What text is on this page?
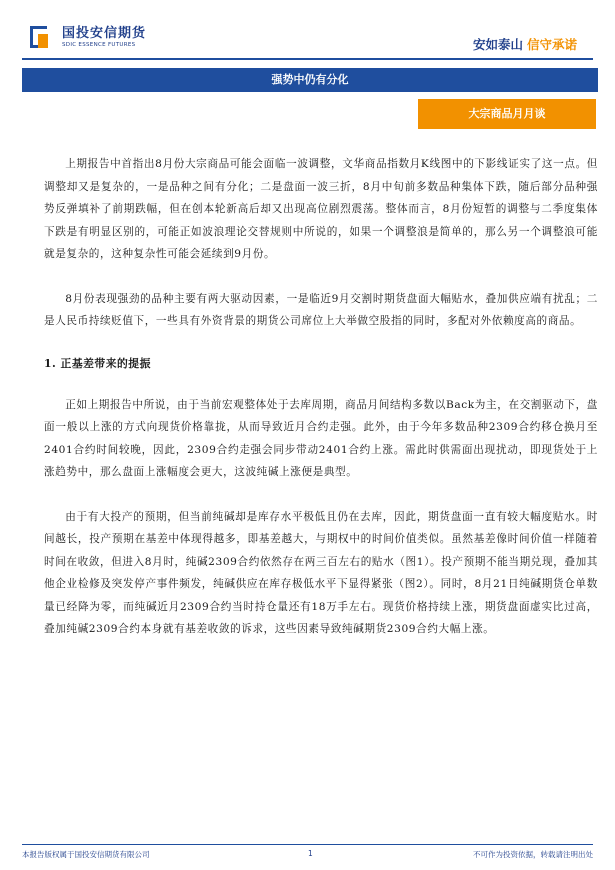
国投安信期货
SDIC ESSENCE FUTURES	安如泰山 信守承诺
强势中仍有分化
大宗商品月月谈

上期报告中首指出8月份大宗商品可能会面临一波调整，文华商品指数月K线图中的下影线证实了这一点。但调整却又是复杂的，一是品种之间有分化；二是盘面一波三折，8月中旬前多数品种集体下跌，随后部分品种强势反弹填补了前期跌幅，但在创本轮新高后却又出现高位剧烈震荡。整体而言，8月份短暂的调整与二季度集体下跌是有明显区别的，可能正如波浪理论交替规则中所说的，如果一个调整浪是简单的，那么另一个调整浪可能就是复杂的，这种复杂性可能会延续到9月份。

8月份表现强劲的品种主要有两大驱动因素，一是临近9月交割时期货盘面大幅贴水，叠加供应端有扰乱；二是人民币持续贬值下，一些具有外资背景的期货公司席位上大举做空股指的同时，多配对外依赖度高的商品。

1. 正基差带来的提振

正如上期报告中所说，由于当前宏观整体处于去库周期，商品月间结构多数以Back为主，在交割驱动下，盘面一般以上涨的方式向现货价格靠拢，从而导致近月合约走强。此外，由于今年多数品种2309合约移仓换月至2401合约时间较晚，因此，2309合约走强会同步带动2401合约上涨。需此时供需面出现扰动，即现货处于上涨趋势中，那么盘面上涨幅度会更大，这波纯碱上涨便是典型。

由于有大投产的预期，但当前纯碱却是库存水平极低且仍在去库，因此，期货盘面一直有较大幅度贴水。时间越长，投产预期在基差中体现得越多，即基差越大，与期权中的时间价值类似。虽然基差像时间价值一样随着时间在收敛，但进入8月时，纯碱2309合约依然存在两三百左右的贴水（图1）。投产预期不能当期兑现，叠加其他企业检修及突发停产事件频发，纯碱供应在库存极低水平下显得紧张（图2）。同时，8月21日纯碱期货仓单数量已经降为零，而纯碱近月2309合约当时持仓量还有18万手左右。现货价格持续上涨，期货盘面虚实比过高，叠加纯碱2309合约本身就有基差收敛的诉求，这些因素导致纯碱期货2309合约大幅上涨。

本报告版权属于国投安信期货有限公司	1	不可作为投资依据，转载请注明出处
